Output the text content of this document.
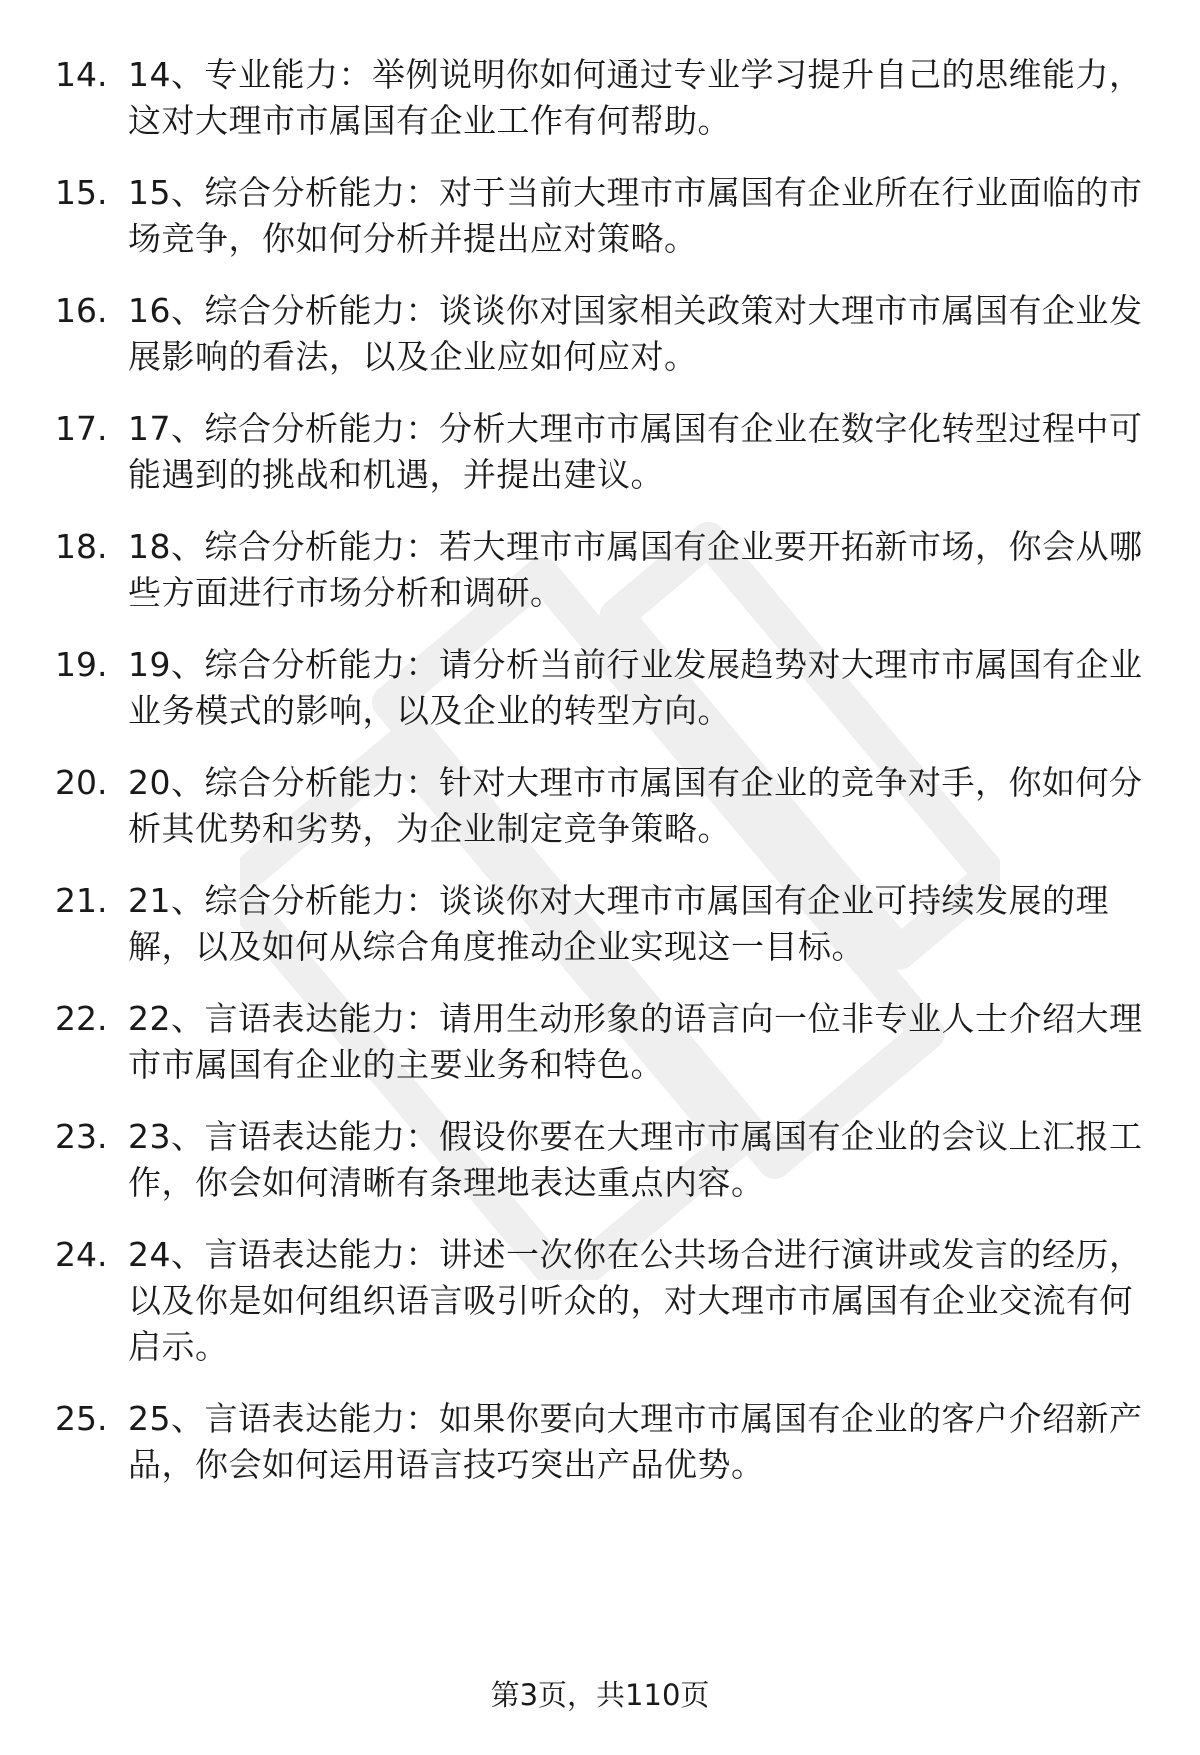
14. 14、专业能力：举例说明你如何通过专业学习提升自己的思维能力，这对大理市市属国有企业工作有何帮助。
15. 15、综合分析能力：对于当前大理市市属国有企业所在行业面临的市场竞争，你如何分析并提出应对策略。
16. 16、综合分析能力：谈谈你对国家相关政策对大理市市属国有企业发展影响的看法，以及企业应如何应对。
17. 17、综合分析能力：分析大理市市属国有企业在数字化转型过程中可能遇到的挑战和机遇，并提出建议。
18. 18、综合分析能力：若大理市市属国有企业要开拓新市场，你会从哪些方面进行市场分析和调研。
19. 19、综合分析能力：请分析当前行业发展趋势对大理市市属国有企业业务模式的影响，以及企业的转型方向。
20. 20、综合分析能力：针对大理市市属国有企业的竞争对手，你如何分析其优势和劣势，为企业制定竞争策略。
21. 21、综合分析能力：谈谈你对大理市市属国有企业可持续发展的理解，以及如何从综合角度推动企业实现这一目标。
22. 22、言语表达能力：请用生动形象的语言向一位非专业人士介绍大理市市属国有企业的主要业务和特色。
23. 23、言语表达能力：假设你要在大理市市属国有企业的会议上汇报工作，你会如何清晰有条理地表达重点内容。
24. 24、言语表达能力：讲述一次你在公共场合进行演讲或发言的经历，以及你是如何组织语言吸引听众的，对大理市市属国有企业交流有何启示。
25. 25、言语表达能力：如果你要向大理市市属国有企业的客户介绍新产品，你会如何运用语言技巧突出产品优势。
第3页，共110页
